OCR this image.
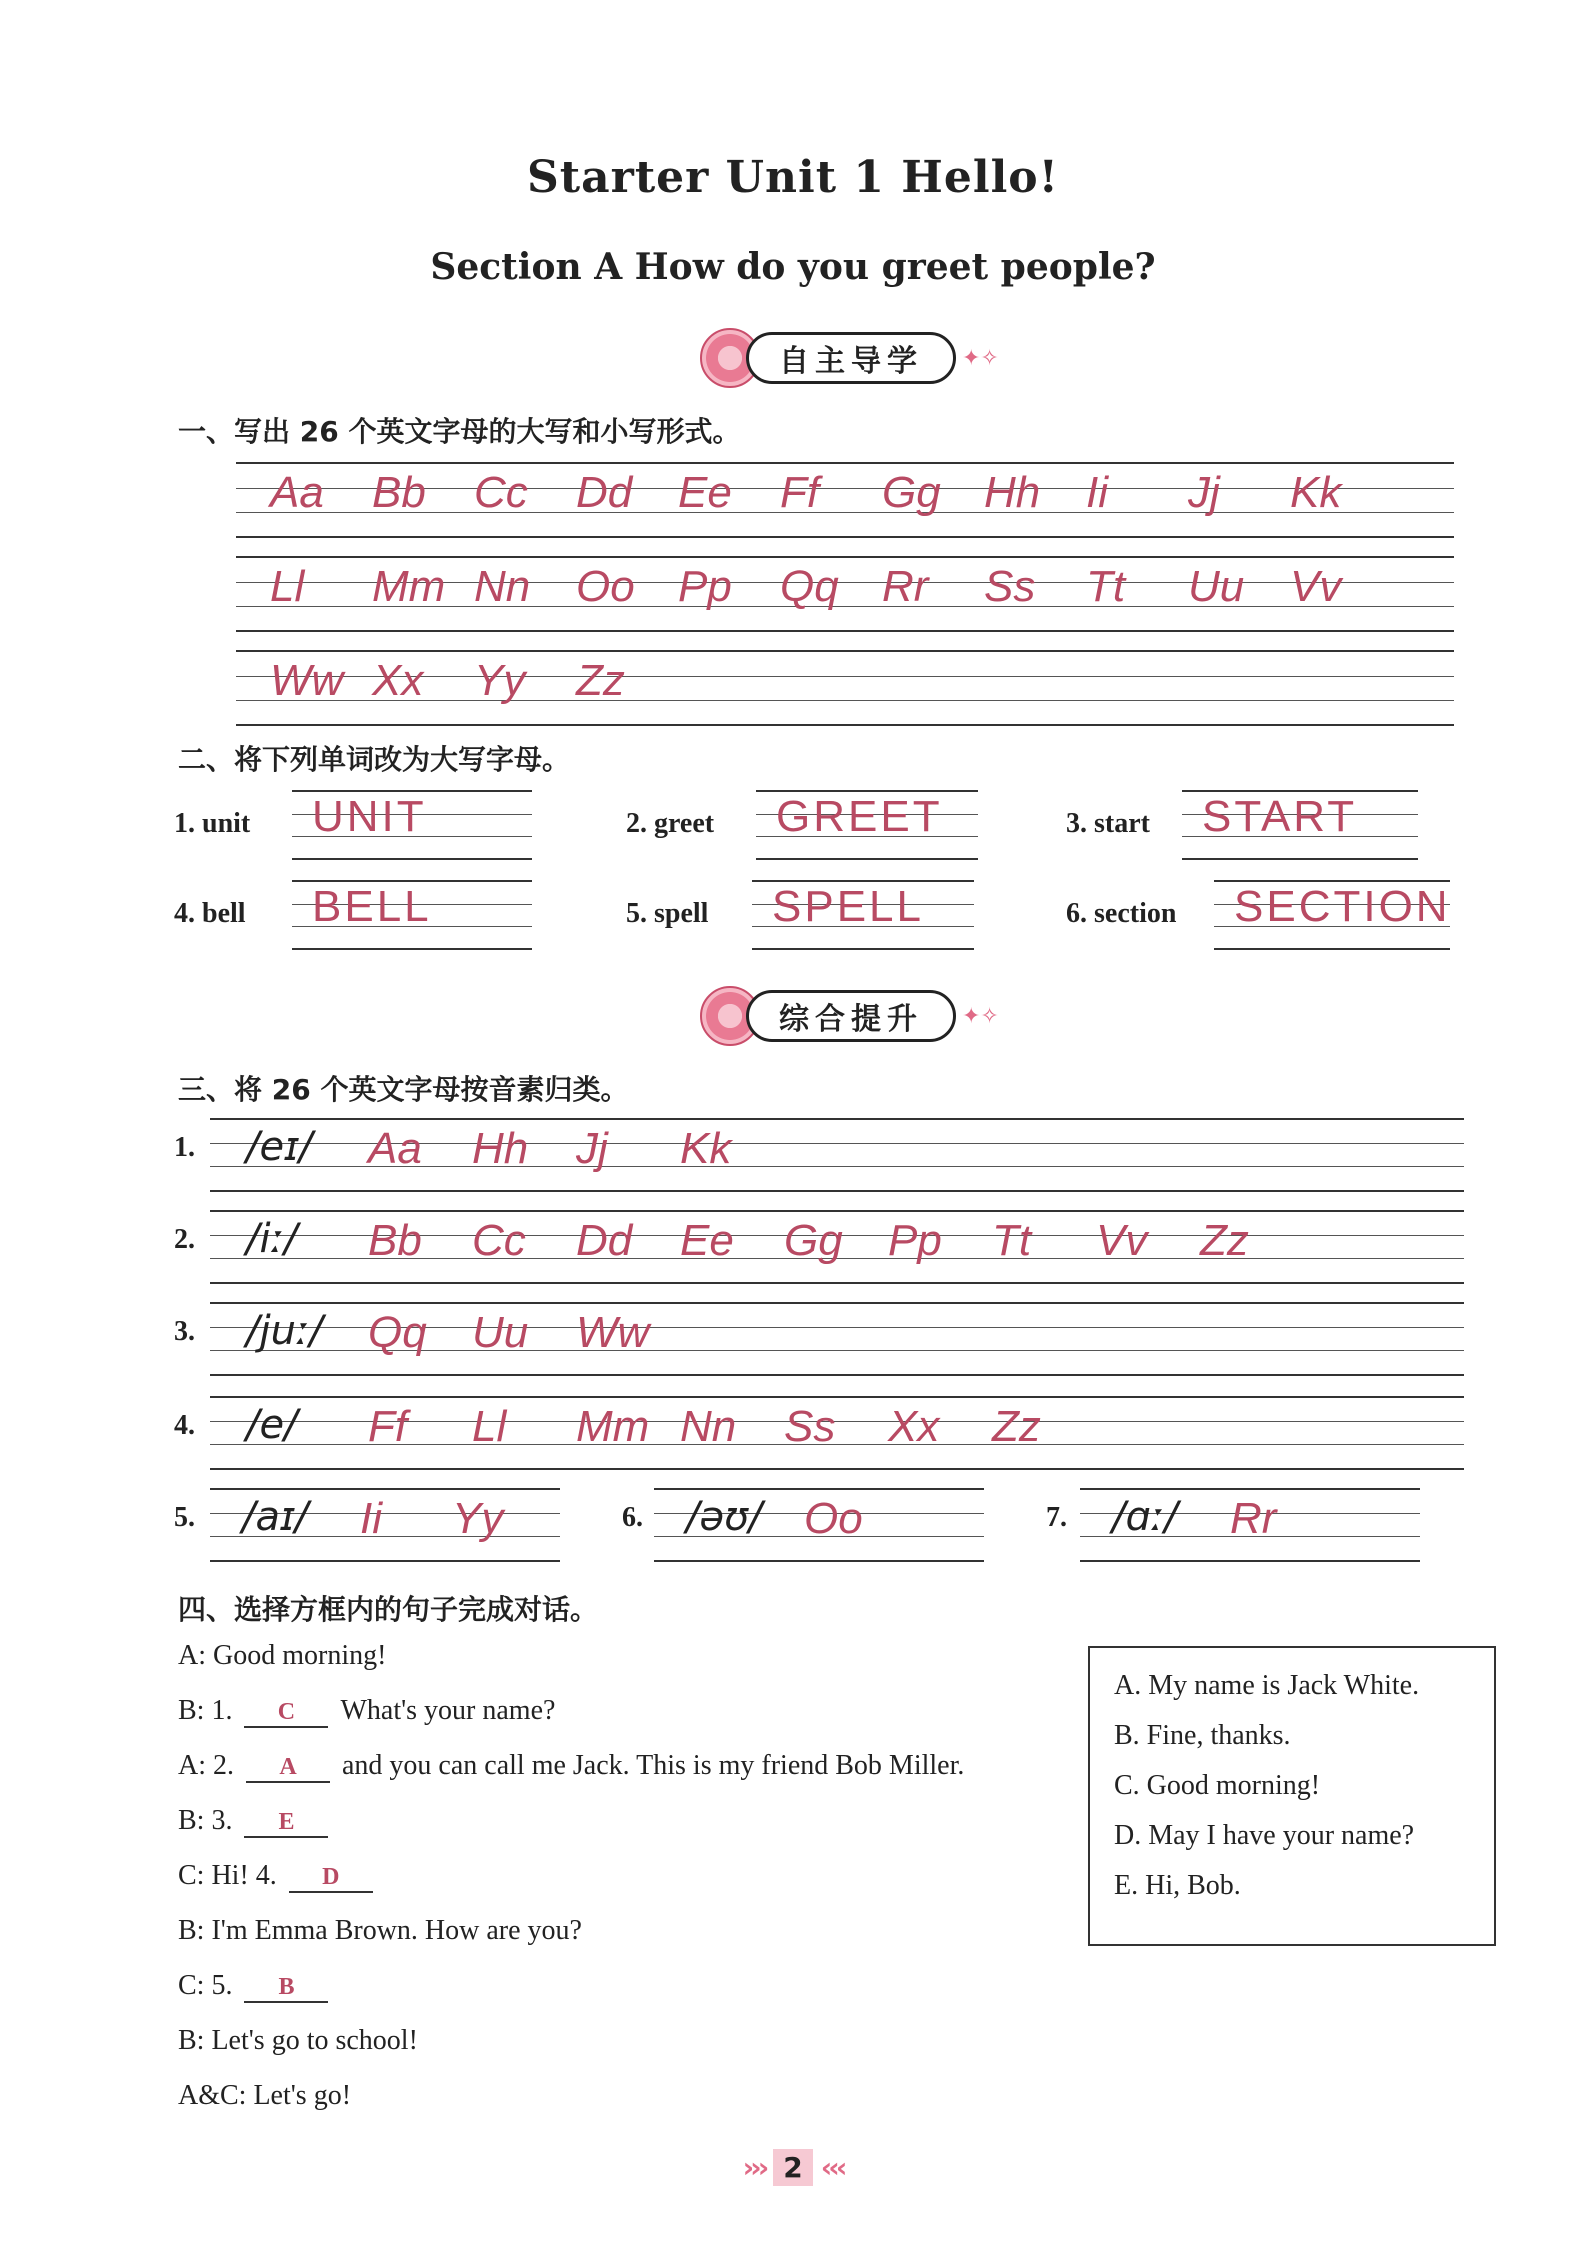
Starter Unit 1 Hello!
Section A How do you greet people?
自主导学	✦✧
一、写出 26 个英文字母的大写和小写形式。
Aa Bb Cc Dd Ee Ff Gg Hh Ii Jj Kk
Ll Mm Nn Oo Pp Qq Rr Ss Tt Uu Vv
Ww Xx Yy Zz
二、将下列单词改为大写字母。
1. unit UNIT	2. greet GREET	3. start START
4. bell BELL	5. spell SPELL	6. section SECTION
综合提升	✦✧
三、将 26 个英文字母按音素归类。
1. /eɪ/ Aa Hh Jj Kk
2. /iː/ Bb Cc Dd Ee Gg Pp Tt Vv Zz
3. /juː/ Qq Uu Ww
4. /e/ Ff Ll Mm Nn Ss Xx Zz
5. /aɪ/ Ii Yy	6. /əʊ/ Oo	7. /ɑː/ Rr
四、选择方框内的句子完成对话。
A: Good morning!
B: 1. C What's your name?
A: 2. A and you can call me Jack. This is my friend Bob Miller.
B: 3. E
C: Hi! 4. D
B: I'm Emma Brown. How are you?
C: 5. B
B: Let's go to school!
A&C: Let's go!
A. My name is Jack White.
B. Fine, thanks.
C. Good morning!
D. May I have your name?
E. Hi, Bob.
››› 2 ‹‹‹
